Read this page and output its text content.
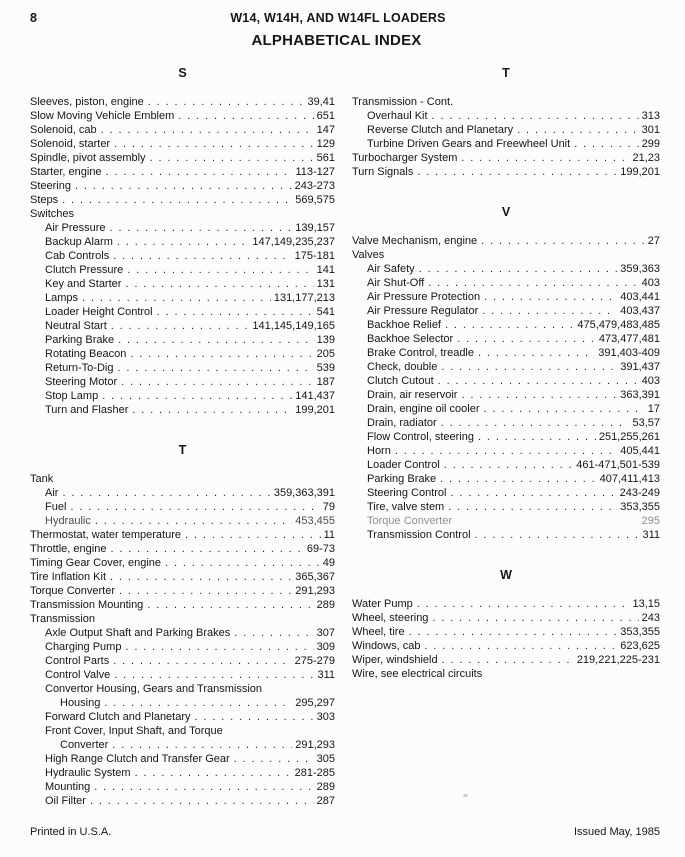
8	W14, W14H, AND W14FL LOADERS
ALPHABETICAL INDEX
S
Sleeves, piston, engine . . .	39,41
Slow Moving Vehicle Emblem . . .	651
Solenoid, cab . . .	147
Solenoid, starter . . .	129
Spindle, pivot assembly . . .	561
Starter, engine . . .	113-127
Steering . . .	243-273
Steps . . .	569,575
Switches
Air Pressure . . .	139,157
Backup Alarm . . .	147,149,235,237
Cab Controls . . .	175-181
Clutch Pressure . . .	141
Key and Starter . . .	131
Lamps . . .	131,177,213
Loader Height Control . . .	541
Neutral Start . . .	141,145,149,165
Parking Brake . . .	139
Rotating Beacon . . .	205
Return-To-Dig . . .	539
Steering Motor . . .	187
Stop Lamp . . .	141,437
Turn and Flasher . . .	199,201
T
Tank
Air . . .	359,363,391
Fuel . . .	79
Hydraulic . . .	453,455
Thermostat, water temperature . . .	11
Throttle, engine . . .	69-73
Timing Gear Cover, engine . . .	49
Tire Inflation Kit . . .	365,367
Torque Converter . . .	291,293
Transmission Mounting . . .	289
Transmission
Axle Output Shaft and Parking Brakes . . .	307
Charging Pump . . .	309
Control Parts . . .	275-279
Control Valve . . .	311
Convertor Housing, Gears and Transmission
Housing . . .	295,297
Forward Clutch and Planetary . . .	303
Front Cover, Input Shaft, and Torque
Converter . . .	291,293
High Range Clutch and Transfer Gear . . .	305
Hydraulic System . . .	281-285
Mounting . . .	289
Oil Filter . . .	287
T
Transmission - Cont.
Overhaul Kit . . .	313
Reverse Clutch and Planetary . . .	301
Turbine Driven Gears and Freewheel Unit . . .	299
Turbocharger System . . .	21,23
Turn Signals . . .	199,201
V
Valve Mechanism, engine . . .	27
Valves
Air Safety . . .	359,363
Air Shut-Off . . .	403
Air Pressure Protection . . .	403,441
Air Pressure Regulator . . .	403,437
Backhoe Relief . . .	475,479,483,485
Backhoe Selector . . .	473,477,481
Brake Control, treadle . . .	391,403-409
Check, double . . .	391,437
Clutch Cutout . . .	403
Drain, air reservoir . . .	363,391
Drain, engine oil cooler . . .	17
Drain, radiator . . .	53,57
Flow Control, steering . . .	251,255,261
Horn . . .	405,441
Loader Control . . .	461-471,501-539
Parking Brake . . .	407,411,413
Steering Control . . .	243-249
Tire, valve stem . . .	353,355
Torque Converter	295
Transmission Control . . .	311
W
Water Pump . . .	13,15
Wheel, steering . . .	243
Wheel, tire . . .	353,355
Windows, cab . . .	623,625
Wiper, windshield . . .	219,221,225-231
Wire, see electrical circuits
Printed in U.S.A.	Issued May, 1985
